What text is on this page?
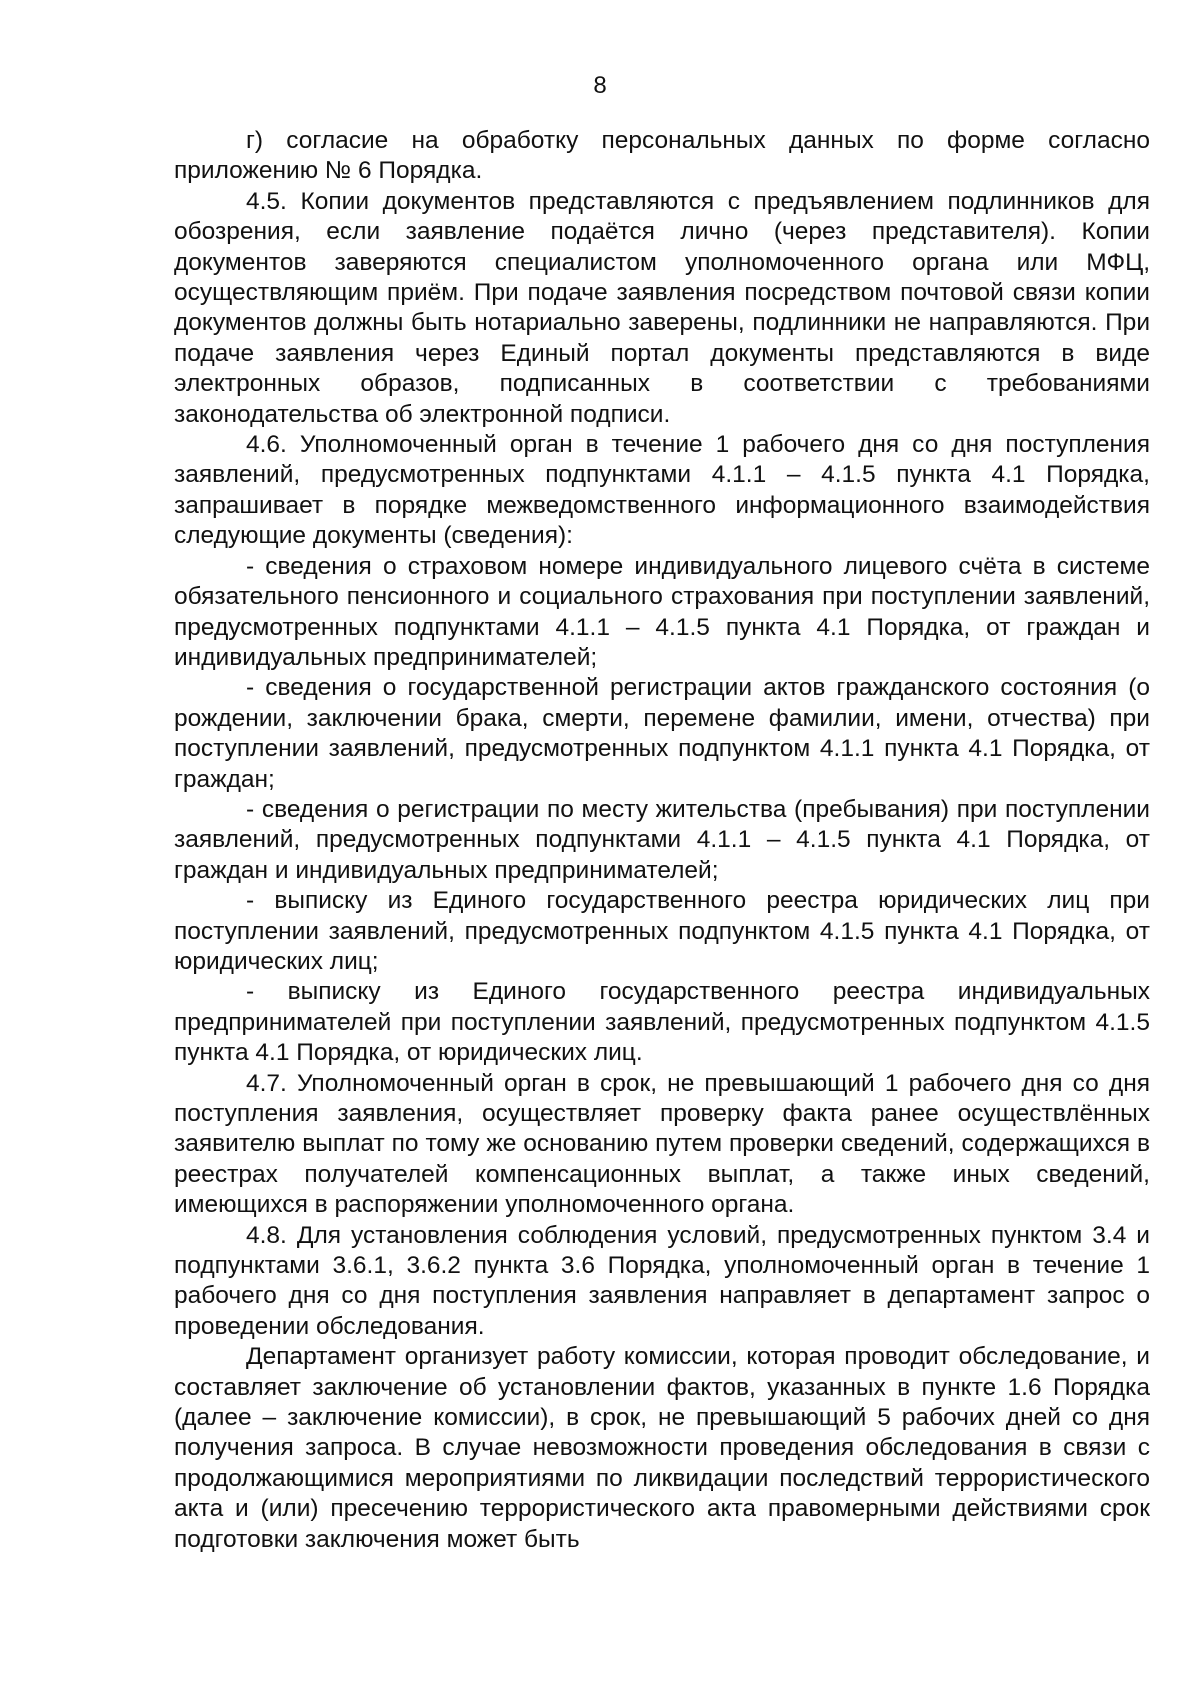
8

г) согласие на обработку персональных данных по форме согласно приложению № 6 Порядка.

4.5. Копии документов представляются с предъявлением подлинников для обозрения, если заявление подаётся лично (через представителя). Копии документов заверяются специалистом уполномоченного органа или МФЦ, осуществляющим приём. При подаче заявления посредством почтовой связи копии документов должны быть нотариально заверены, подлинники не направляются. При подаче заявления через Единый портал документы представляются в виде электронных образов, подписанных в соответствии с требованиями законодательства об электронной подписи.

4.6. Уполномоченный орган в течение 1 рабочего дня со дня поступления заявлений, предусмотренных подпунктами 4.1.1 – 4.1.5 пункта 4.1 Порядка, запрашивает в порядке межведомственного информационного взаимодействия следующие документы (сведения):

- сведения о страховом номере индивидуального лицевого счёта в системе обязательного пенсионного и социального страхования при поступлении заявлений, предусмотренных подпунктами 4.1.1 – 4.1.5 пункта 4.1 Порядка, от граждан и индивидуальных предпринимателей;

- сведения о государственной регистрации актов гражданского состояния (о рождении, заключении брака, смерти, перемене фамилии, имени, отчества) при поступлении заявлений, предусмотренных подпунктом 4.1.1 пункта 4.1 Порядка, от граждан;

- сведения о регистрации по месту жительства (пребывания) при поступлении заявлений, предусмотренных подпунктами 4.1.1 – 4.1.5 пункта 4.1 Порядка, от граждан и индивидуальных предпринимателей;

- выписку из Единого государственного реестра юридических лиц при поступлении заявлений, предусмотренных подпунктом 4.1.5 пункта 4.1 Порядка, от юридических лиц;

- выписку из Единого государственного реестра индивидуальных предпринимателей при поступлении заявлений, предусмотренных подпунктом 4.1.5 пункта 4.1 Порядка, от юридических лиц.

4.7. Уполномоченный орган в срок, не превышающий 1 рабочего дня со дня поступления заявления, осуществляет проверку факта ранее осуществлённых заявителю выплат по тому же основанию путем проверки сведений, содержащихся в реестрах получателей компенсационных выплат, а также иных сведений, имеющихся в распоряжении уполномоченного органа.

4.8. Для установления соблюдения условий, предусмотренных пунктом 3.4 и подпунктами 3.6.1, 3.6.2 пункта 3.6 Порядка, уполномоченный орган в течение 1 рабочего дня со дня поступления заявления направляет в департамент запрос о проведении обследования.

Департамент организует работу комиссии, которая проводит обследование, и составляет заключение об установлении фактов, указанных в пункте 1.6 Порядка (далее – заключение комиссии), в срок, не превышающий 5 рабочих дней со дня получения запроса. В случае невозможности проведения обследования в связи с продолжающимися мероприятиями по ликвидации последствий террористического акта и (или) пресечению террористического акта правомерными действиями срок подготовки заключения может быть
